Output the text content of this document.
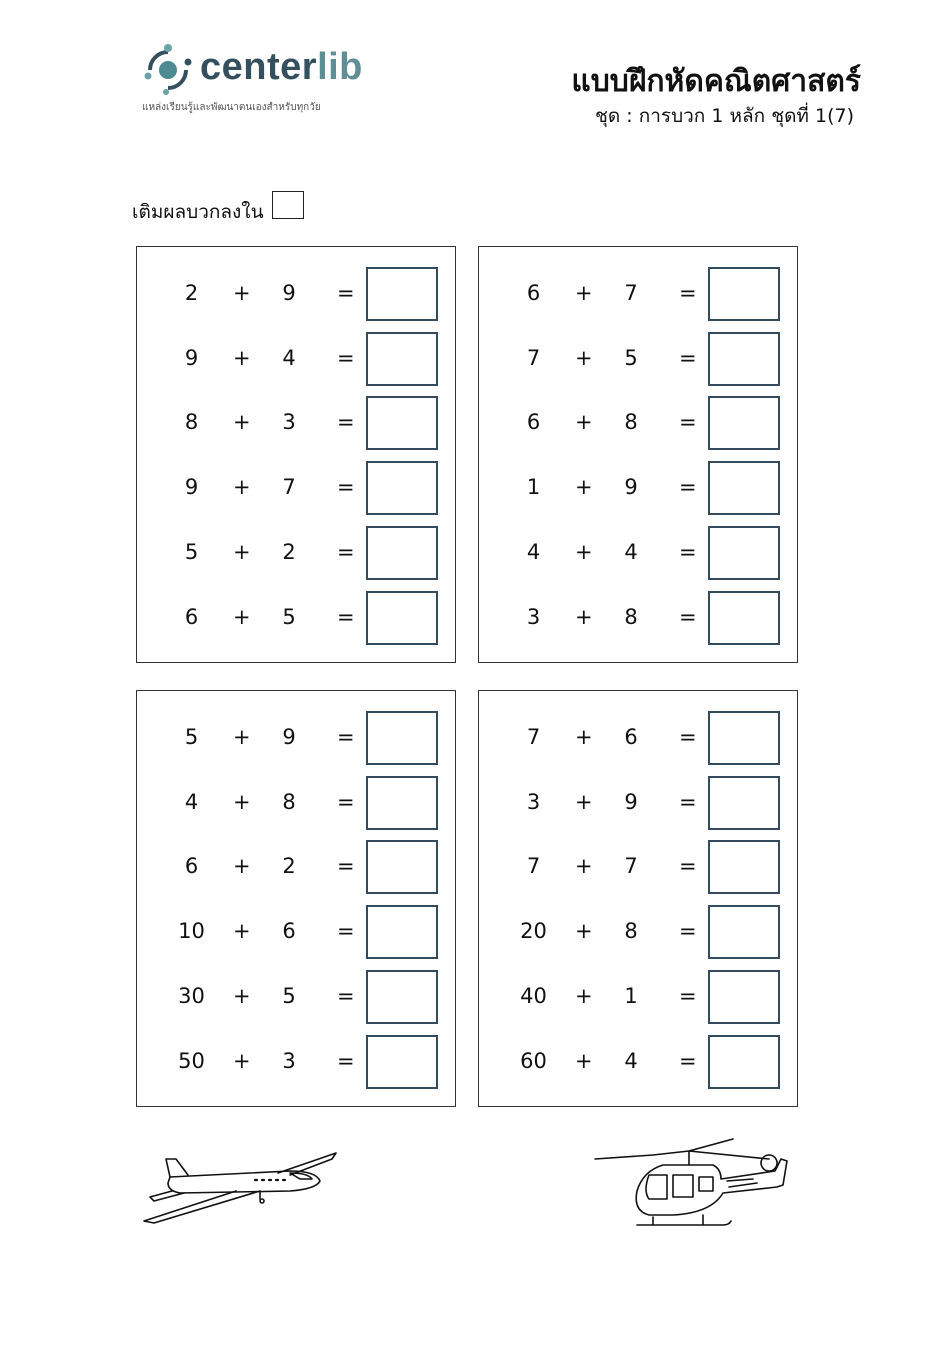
centerlib
แหล่งเรียนรู้และพัฒนาตนเองสำหรับทุกวัย
แบบฝึกหัดคณิตศาสตร์
ชุด : การบวก 1 หลัก ชุดที่ 1(7)
เติมผลบวกลงใน
2	+	9	=
9	+	4	=
8	+	3	=
9	+	7	=
5	+	2	=
6	+	5	=
6	+	7	=
7	+	5	=
6	+	8	=
1	+	9	=
4	+	4	=
3	+	8	=
5	+	9	=
4	+	8	=
6	+	2	=
10	+	6	=
30	+	5	=
50	+	3	=
7	+	6	=
3	+	9	=
7	+	7	=
20	+	8	=
40	+	1	=
60	+	4	=
